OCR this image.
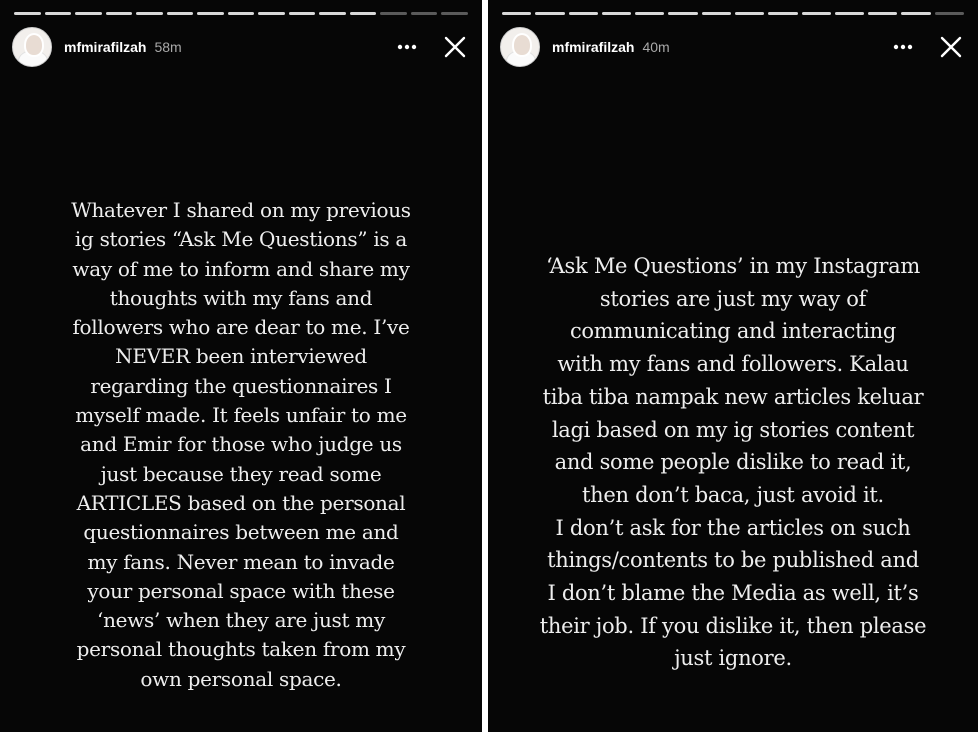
mfmirafilzah 58m

Whatever I shared on my previous
ig stories “Ask Me Questions” is a
way of me to inform and share my
thoughts with my fans and
followers who are dear to me. I’ve
NEVER been interviewed
regarding the questionnaires I
myself made. It feels unfair to me
and Emir for those who judge us
just because they read some
ARTICLES based on the personal
questionnaires between me and
my fans. Never mean to invade
your personal space with these
‘news’ when they are just my
personal thoughts taken from my
own personal space.

mfmirafilzah 40m

‘Ask Me Questions’ in my Instagram
stories are just my way of
communicating and interacting
with my fans and followers. Kalau
tiba tiba nampak new articles keluar
lagi based on my ig stories content
and some people dislike to read it,
then don’t baca, just avoid it.
I don’t ask for the articles on such
things/contents to be published and
I don’t blame the Media as well, it’s
their job. If you dislike it, then please
just ignore.
